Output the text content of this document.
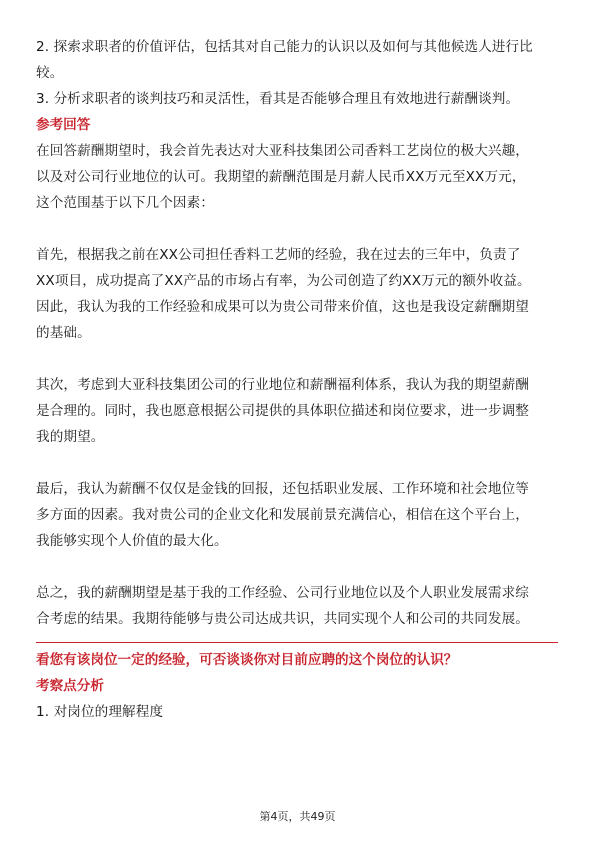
2. 探索求职者的价值评估，包括其对自己能力的认识以及如何与其他候选人进行比
较。
3. 分析求职者的谈判技巧和灵活性，看其是否能够合理且有效地进行薪酬谈判。
参考回答
在回答薪酬期望时，我会首先表达对大亚科技集团公司香料工艺岗位的极大兴趣，
以及对公司行业地位的认可。我期望的薪酬范围是月薪人民币XX万元至XX万元，
这个范围基于以下几个因素：
首先，根据我之前在XX公司担任香料工艺师的经验，我在过去的三年中，负责了
XX项目，成功提高了XX产品的市场占有率，为公司创造了约XX万元的额外收益。
因此，我认为我的工作经验和成果可以为贵公司带来价值，这也是我设定薪酬期望
的基础。
其次，考虑到大亚科技集团公司的行业地位和薪酬福利体系，我认为我的期望薪酬
是合理的。同时，我也愿意根据公司提供的具体职位描述和岗位要求，进一步调整
我的期望。
最后，我认为薪酬不仅仅是金钱的回报，还包括职业发展、工作环境和社会地位等
多方面的因素。我对贵公司的企业文化和发展前景充满信心，相信在这个平台上，
我能够实现个人价值的最大化。
总之，我的薪酬期望是基于我的工作经验、公司行业地位以及个人职业发展需求综
合考虑的结果。我期待能够与贵公司达成共识，共同实现个人和公司的共同发展。
看您有该岗位一定的经验，可否谈谈你对目前应聘的这个岗位的认识？
考察点分析
1. 对岗位的理解程度
第4页，共49页
